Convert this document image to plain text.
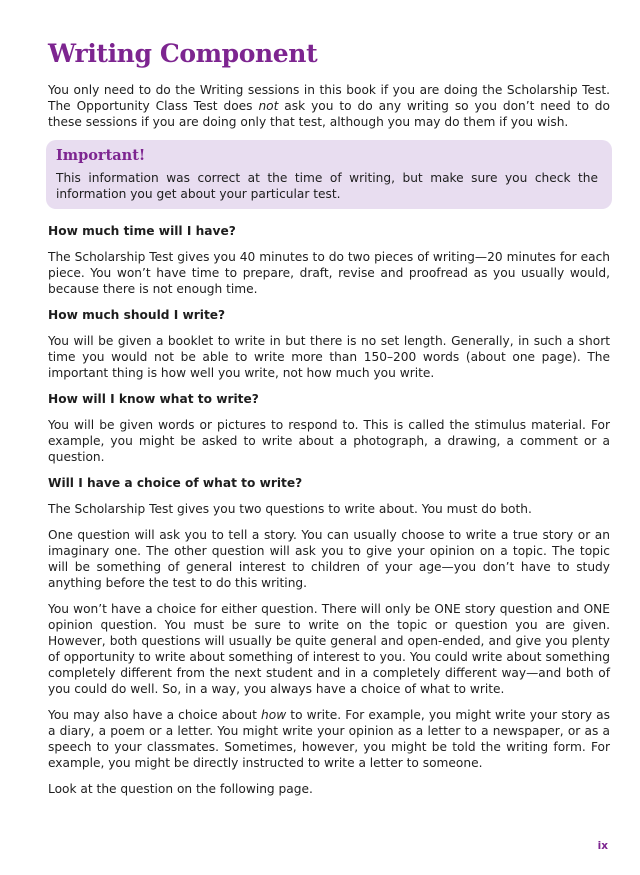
Writing Component

You only need to do the Writing sessions in this book if you are doing the Scholarship Test. The Opportunity Class Test does not ask you to do any writing so you don’t need to do these sessions if you are doing only that test, although you may do them if you wish.

Important!

This information was correct at the time of writing, but make sure you check the information you get about your particular test.

How much time will I have?

The Scholarship Test gives you 40 minutes to do two pieces of writing—20 minutes for each piece. You won’t have time to prepare, draft, revise and proofread as you usually would, because there is not enough time.

How much should I write?

You will be given a booklet to write in but there is no set length. Generally, in such a short time you would not be able to write more than 150–200 words (about one page). The important thing is how well you write, not how much you write.

How will I know what to write?

You will be given words or pictures to respond to. This is called the stimulus material. For example, you might be asked to write about a photograph, a drawing, a comment or a question.

Will I have a choice of what to write?

The Scholarship Test gives you two questions to write about. You must do both.

One question will ask you to tell a story. You can usually choose to write a true story or an imaginary one. The other question will ask you to give your opinion on a topic. The topic will be something of general interest to children of your age—you don’t have to study anything before the test to do this writing.

You won’t have a choice for either question. There will only be ONE story question and ONE opinion question. You must be sure to write on the topic or question you are given. However, both questions will usually be quite general and open-ended, and give you plenty of opportunity to write about something of interest to you. You could write about something completely different from the next student and in a completely different way—and both of you could do well. So, in a way, you always have a choice of what to write.

You may also have a choice about how to write. For example, you might write your story as a diary, a poem or a letter. You might write your opinion as a letter to a newspaper, or as a speech to your classmates. Sometimes, however, you might be told the writing form. For example, you might be directly instructed to write a letter to someone.

Look at the question on the following page.

ix
